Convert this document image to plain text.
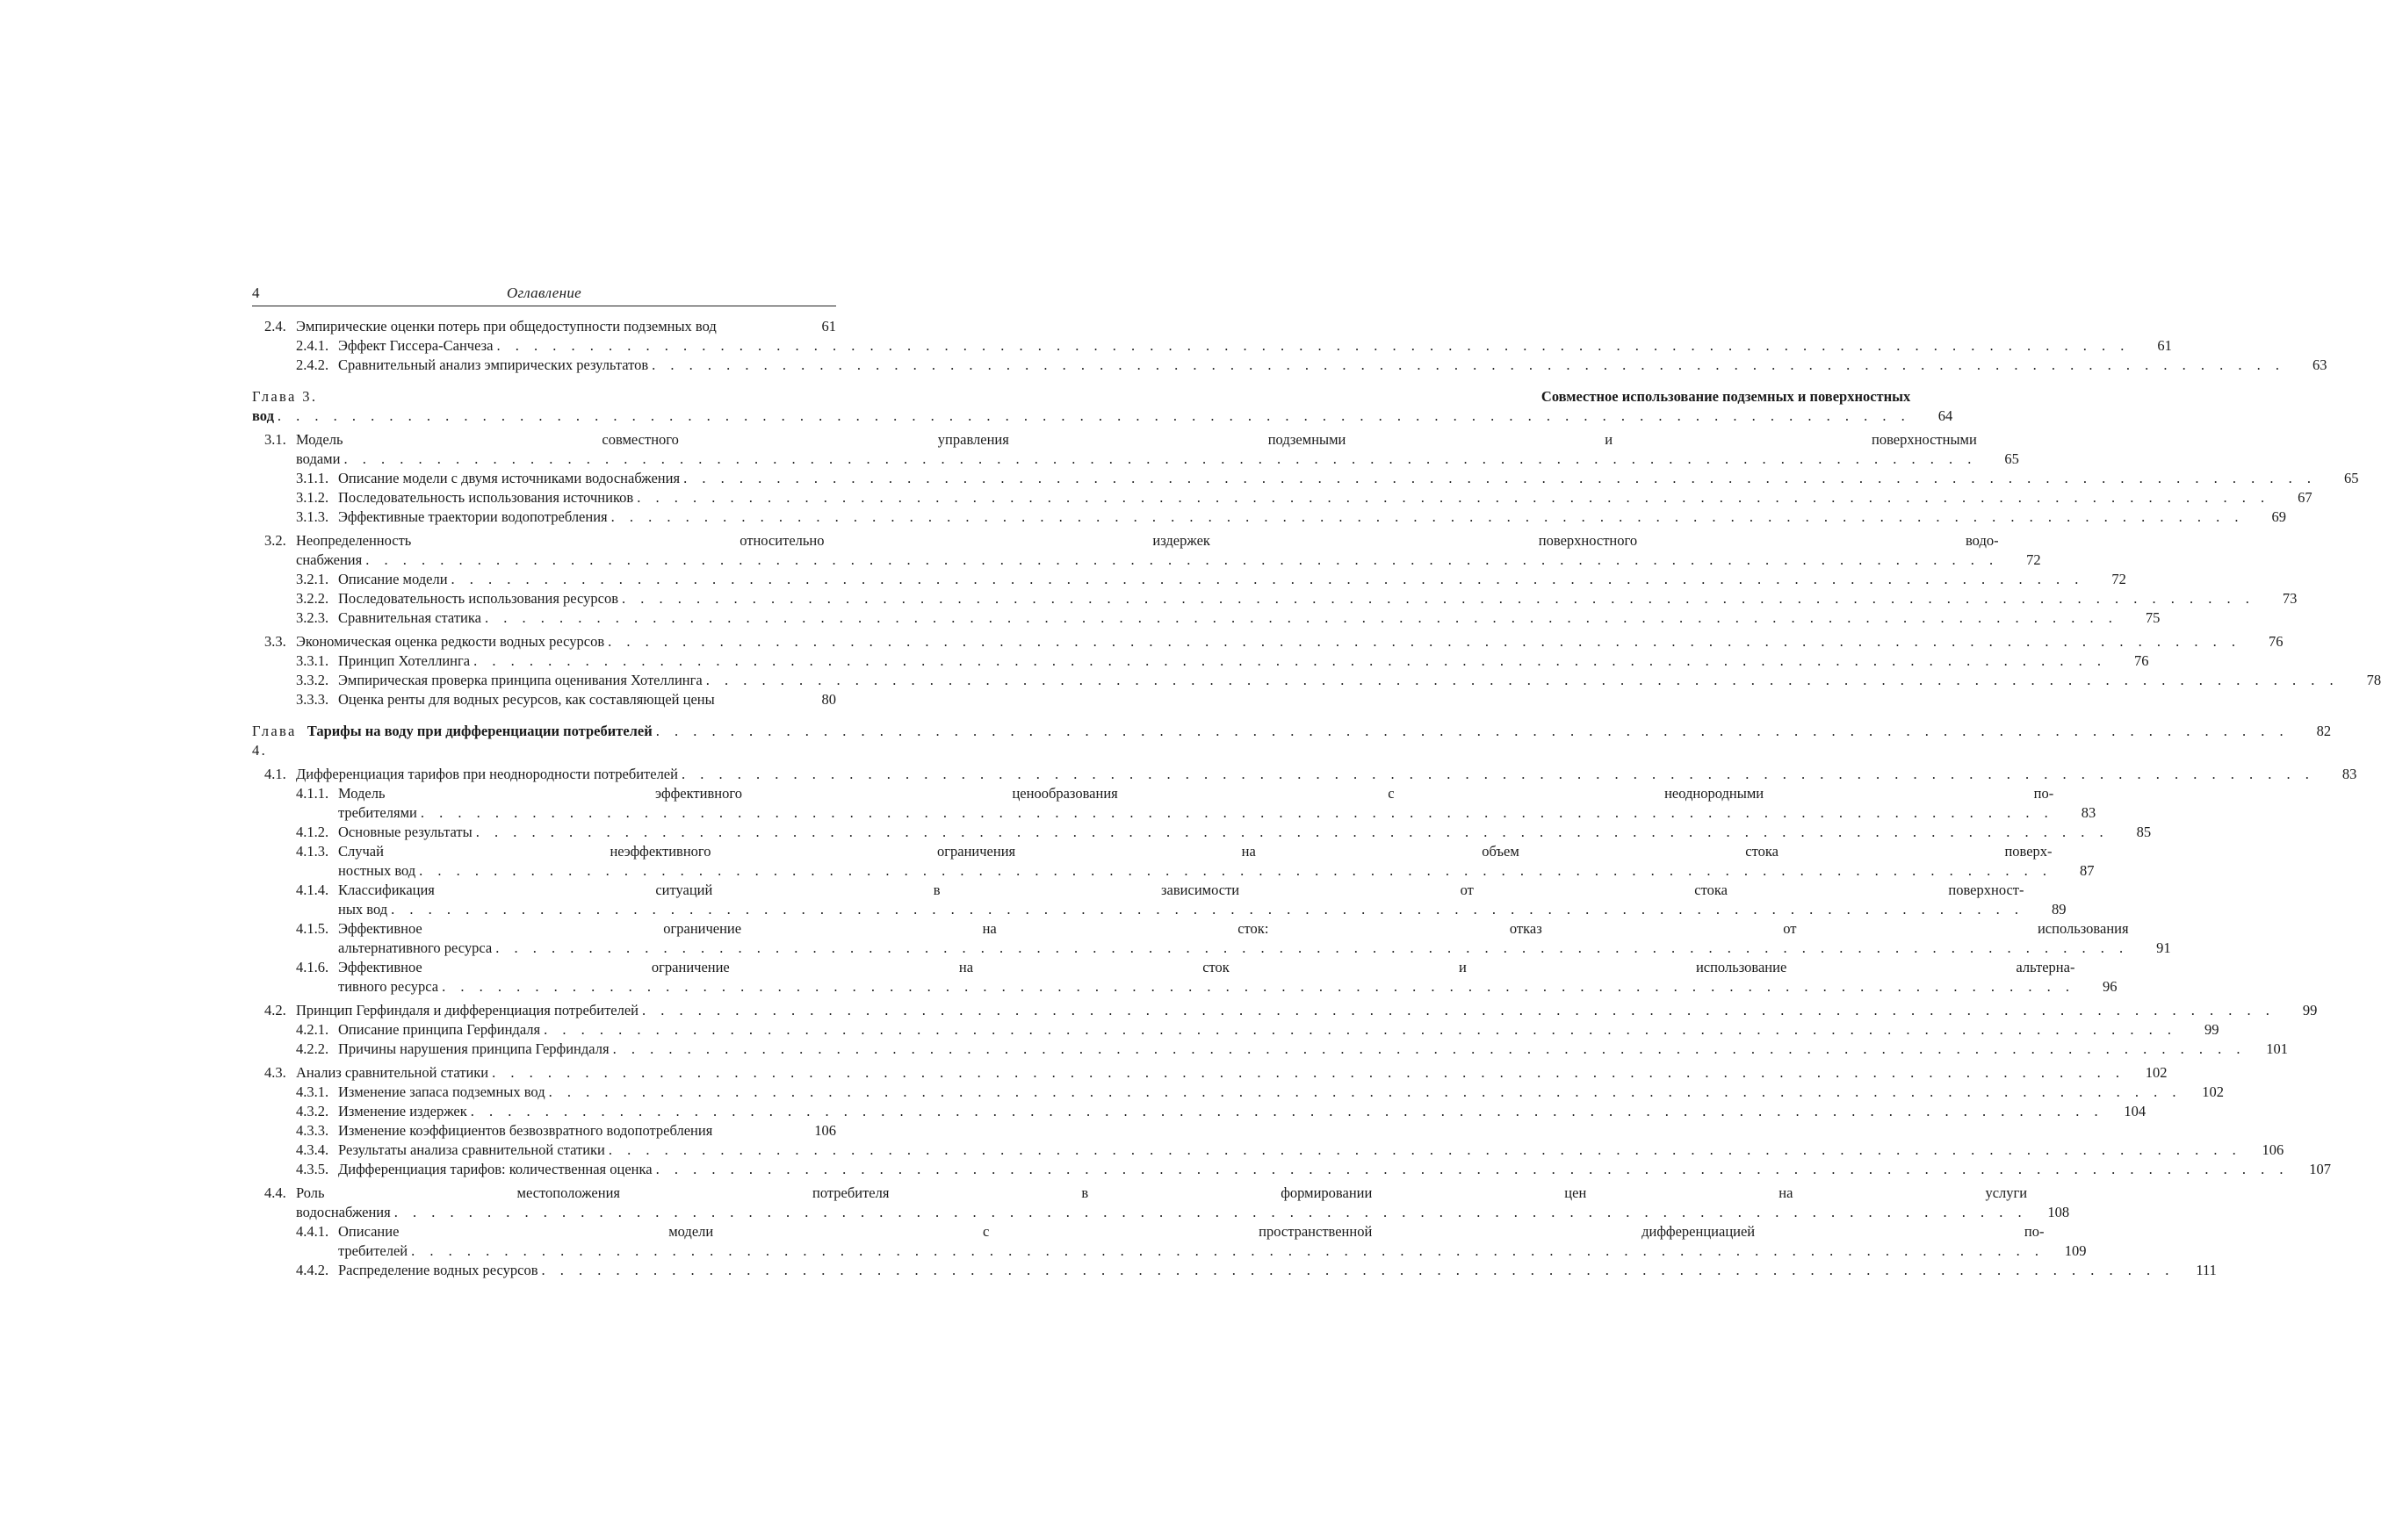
4	Оглавление
2.4. Эмпирические оценки потерь при общедоступности подземных вод	61
2.4.1. Эффект Гиссера-Санчеза . . .	61
2.4.2. Сравнительный анализ эмпирических результатов . . .	63
Глава 3.	Совместное использование подземных и поверхностных
вод . . .	64
3.1. Модель совместного управления подземными и поверхностными
водами . . .	65
3.1.1. Описание модели с двумя источниками водоснабжения . . .	65
3.1.2. Последовательность использования источников . . .	67
3.1.3. Эффективные траектории водопотребления . . .	69
3.2. Неопределенность относительно издержек поверхностного водо-
снабжения . . .	72
3.2.1. Описание модели . . .	72
3.2.2. Последовательность использования ресурсов . . .	73
3.2.3. Сравнительная статика . . .	75
3.3. Экономическая оценка редкости водных ресурсов . . .	76
3.3.1. Принцип Хотеллинга . . .	76
3.3.2. Эмпирическая проверка принципа оценивания Хотеллинга . . .	78
3.3.3. Оценка ренты для водных ресурсов, как составляющей цены	80
Глава 4.
Тарифы на воду при дифференциации потребителей . . .	82
4.1. Дифференциация тарифов при неоднородности потребителей . . .	83
4.1.1. Модель эффективного ценообразования с неоднородными по-
требителями . . .	83
4.1.2. Основные результаты . . .	85
4.1.3. Случай неэффективного ограничения на объем стока поверх-
ностных вод . . .	87
4.1.4. Классификация ситуаций в зависимости от стока поверхност-
ных вод . . .	89
4.1.5. Эффективное ограничение на сток: отказ от использования
альтернативного ресурса . . .	91
4.1.6. Эффективное ограничение на сток и использование альтерна-
тивного ресурса . . .	96
4.2. Принцип Герфиндаля и дифференциация потребителей . . .	99
4.2.1. Описание принципа Герфиндаля . . .	99
4.2.2. Причины нарушения принципа Герфиндаля . . .	101
4.3. Анализ сравнительной статики . . .	102
4.3.1. Изменение запаса подземных вод . . .	102
4.3.2. Изменение издержек . . .	104
4.3.3. Изменение коэффициентов безвозвратного водопотребления	106
4.3.4. Результаты анализа сравнительной статики . . .	106
4.3.5. Дифференциация тарифов: количественная оценка . . .	107
4.4. Роль местоположения потребителя в формировании цен на услуги
водоснабжения . . .	108
4.4.1. Описание модели с пространственной дифференциацией по-
требителей . . .	109
4.4.2. Распределение водных ресурсов . . .	111
